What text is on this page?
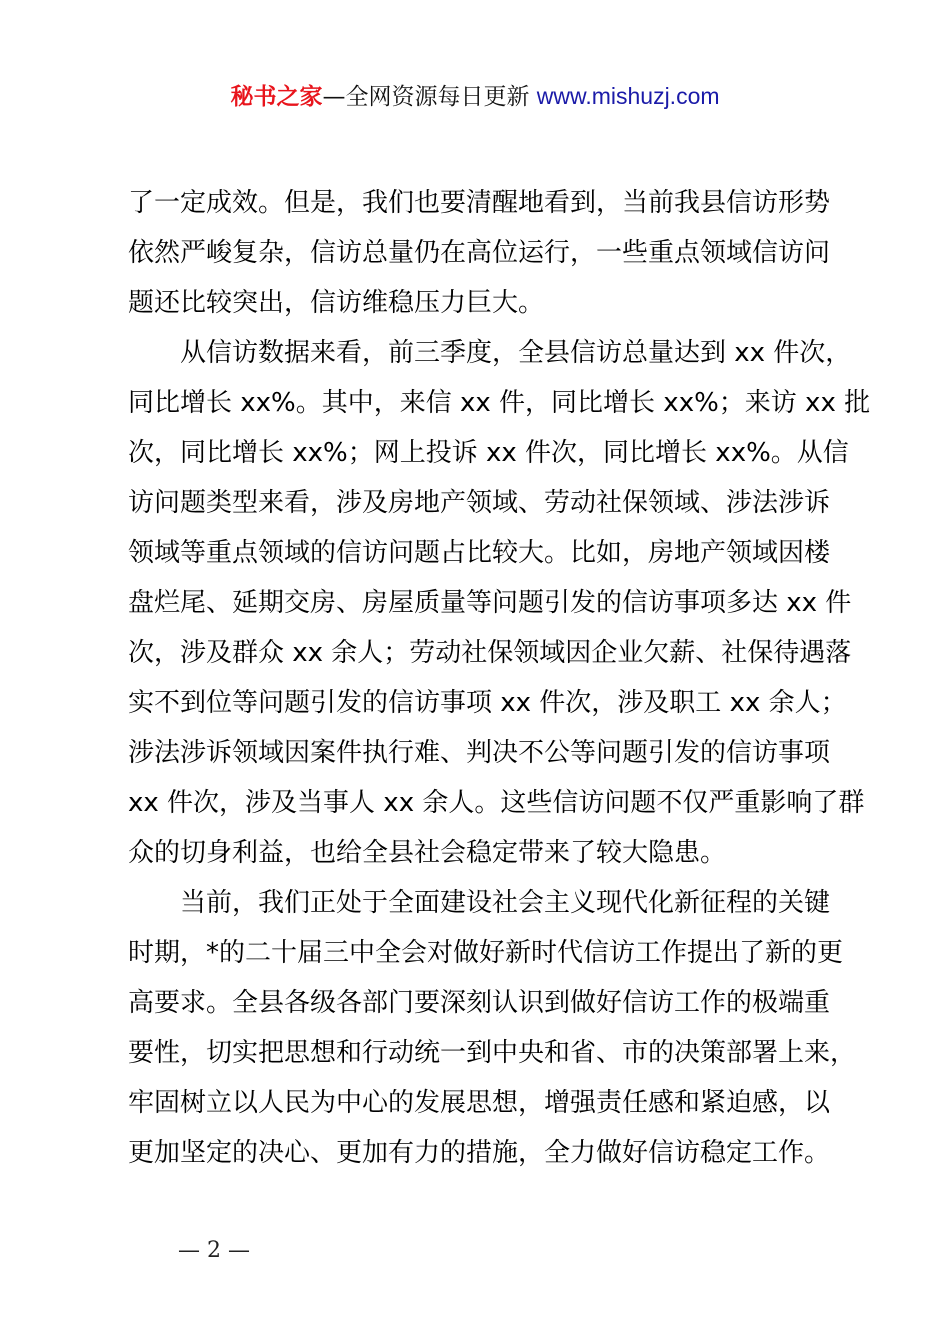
秘书之家—全网资源每日更新 www.mishuzj.com
了一定成效。但是，我们也要清醒地看到，当前我县信访形势
依然严峻复杂，信访总量仍在高位运行，一些重点领域信访问
题还比较突出，信访维稳压力巨大。
从信访数据来看，前三季度，全县信访总量达到 xx 件次，
同比增长 xx%。其中，来信 xx 件，同比增长 xx%；来访 xx 批
次，同比增长 xx%；网上投诉 xx 件次，同比增长 xx%。从信
访问题类型来看，涉及房地产领域、劳动社保领域、涉法涉诉
领域等重点领域的信访问题占比较大。比如，房地产领域因楼
盘烂尾、延期交房、房屋质量等问题引发的信访事项多达 xx 件
次，涉及群众 xx 余人；劳动社保领域因企业欠薪、社保待遇落
实不到位等问题引发的信访事项 xx 件次，涉及职工 xx 余人；
涉法涉诉领域因案件执行难、判决不公等问题引发的信访事项
xx 件次，涉及当事人 xx 余人。这些信访问题不仅严重影响了群
众的切身利益，也给全县社会稳定带来了较大隐患。
当前，我们正处于全面建设社会主义现代化新征程的关键
时期，*的二十届三中全会对做好新时代信访工作提出了新的更
高要求。全县各级各部门要深刻认识到做好信访工作的极端重
要性，切实把思想和行动统一到中央和省、市的决策部署上来，
牢固树立以人民为中心的发展思想，增强责任感和紧迫感，以
更加坚定的决心、更加有力的措施，全力做好信访稳定工作。
— 2 —
